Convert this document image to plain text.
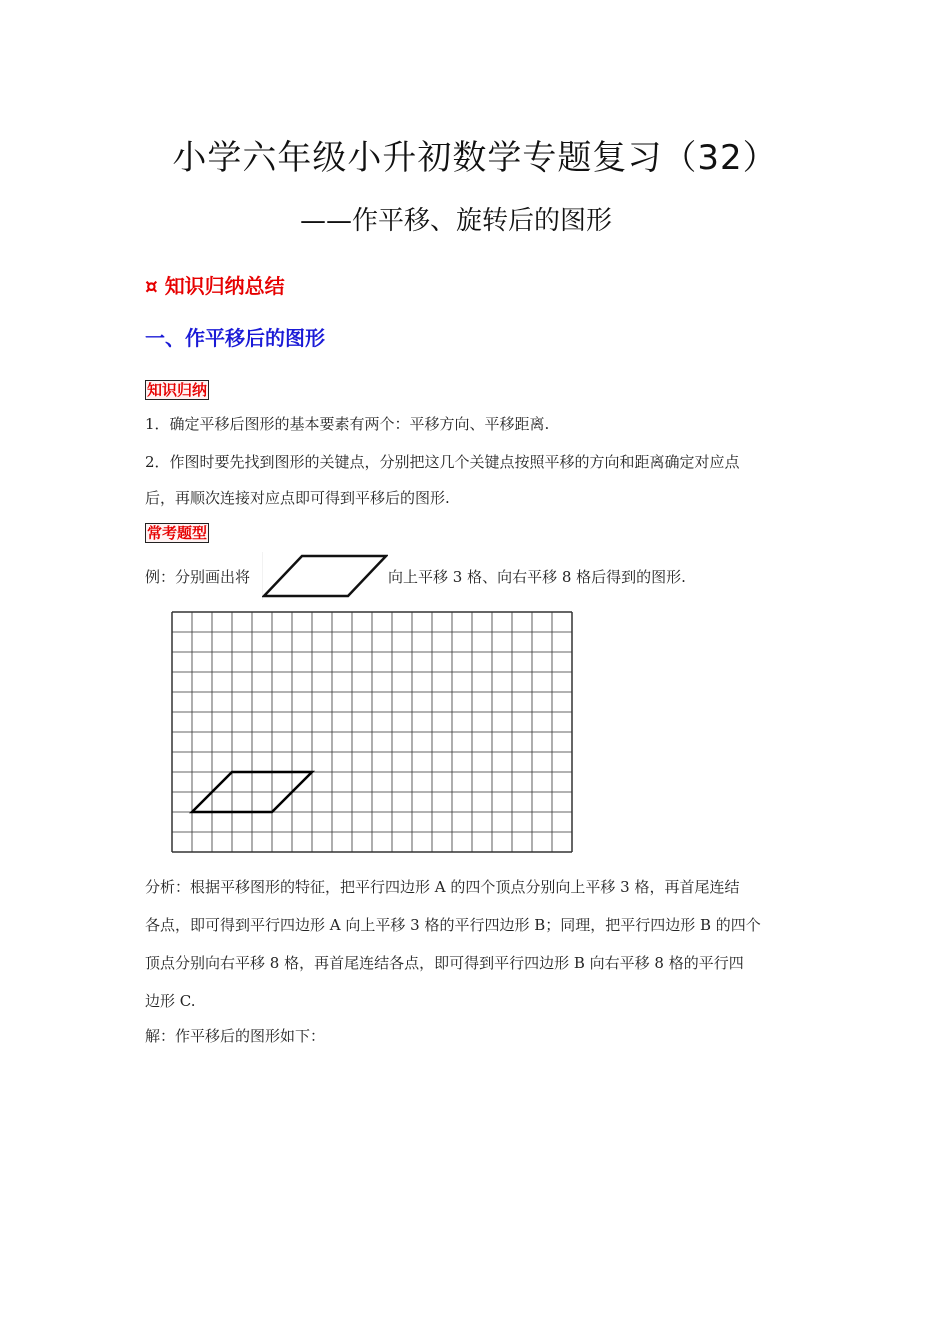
小学六年级小升初数学专题复习（32）
——作平移、旋转后的图形
¤ 知识归纳总结
一、作平移后的图形
知识归纳
1．确定平移后图形的基本要素有两个：平移方向、平移距离.
2．作图时要先找到图形的关键点，分别把这几个关键点按照平移的方向和距离确定对应点
后，再顺次连接对应点即可得到平移后的图形.
常考题型
例：分别画出将	向上平移 3 格、向右平移 8 格后得到的图形.
分析：根据平移图形的特征，把平行四边形 A 的四个顶点分别向上平移 3 格，再首尾连结
各点，即可得到平行四边形 A 向上平移 3 格的平行四边形 B；同理，把平行四边形 B 的四个
顶点分别向右平移 8 格，再首尾连结各点，即可得到平行四边形 B 向右平移 8 格的平行四
边形 C.
解：作平移后的图形如下：
